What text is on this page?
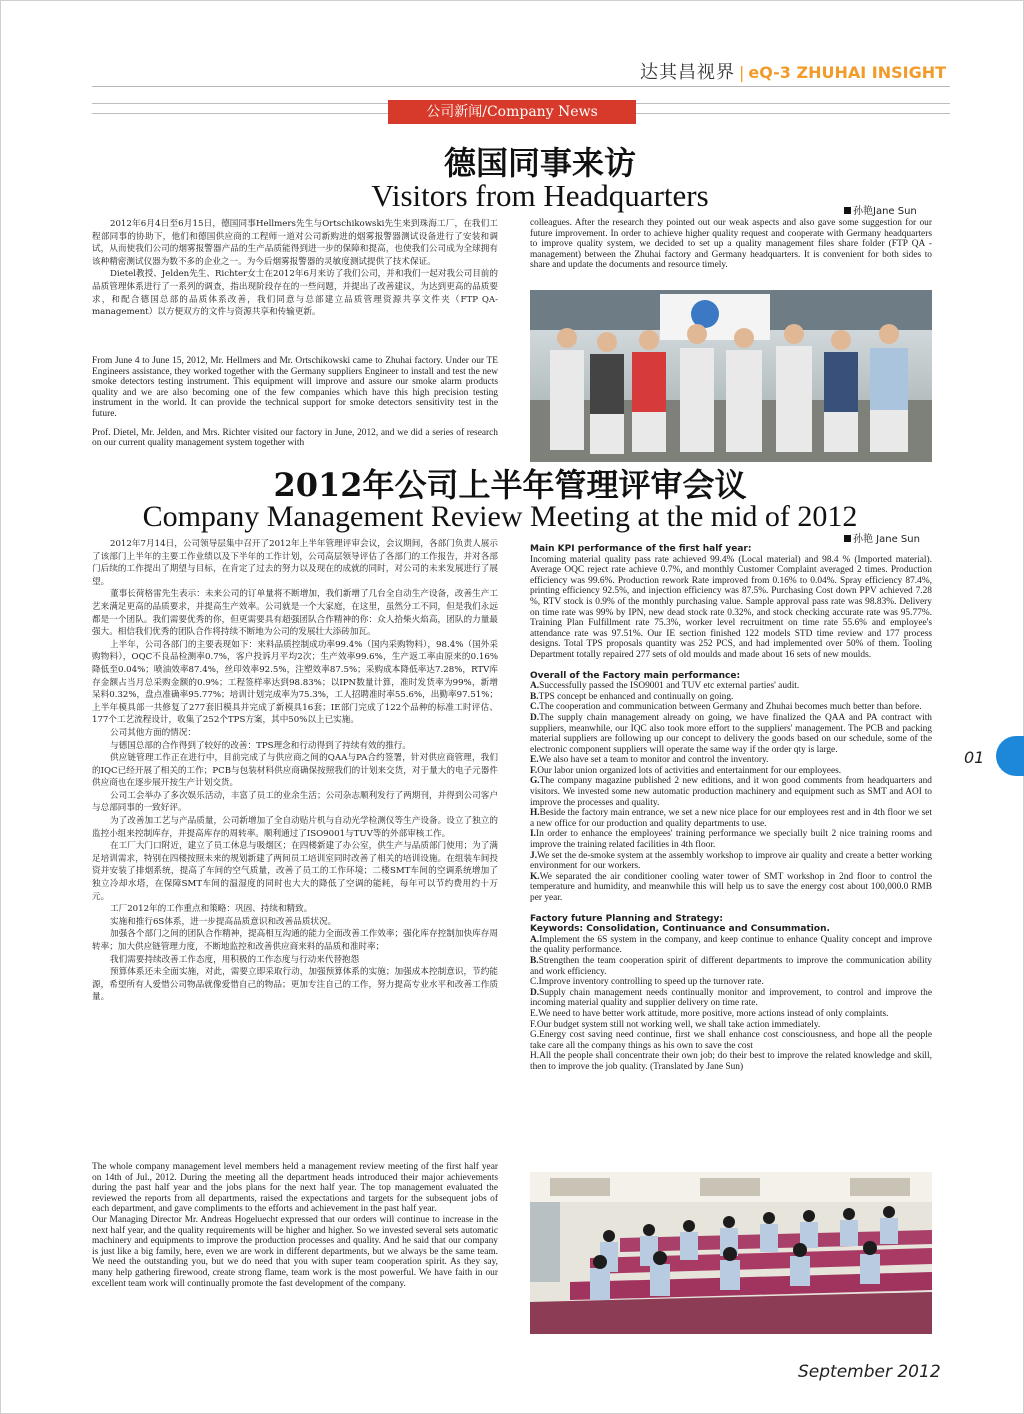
达其昌视界 | eQ-3 ZHUHAI INSIGHT
公司新闻/Company News
德国同事来访
Visitors from Headquarters	孙艳Jane Sun

2012年6月4日至6月15日，德国同事Hellmers先生与Ortschikowski先生来到珠海工厂，在我们工程部同事的协助下，他们和德国供应商的工程师一道对公司新购进的烟雾报警器测试设备进行了安装和调试，从而使我们公司的烟雾报警器产品的生产品质能得到进一步的保障和提高，也使我们公司成为全球拥有该种精密测试仪器为数不多的企业之一。为今后烟雾报警器的灵敏度测试提供了技术保证。

Dietel教授、Jelden先生、Richter女士在2012年6月来访了我们公司，并和我们一起对我公司目前的品质管理体系进行了一系列的调查，指出现阶段存在的一些问题，并提出了改善建议，为达到更高的品质要求，和配合德国总部的品质体系改善，我们同意与总部建立品质管理资源共享文件夹（FTP QA-management）以方便双方的文件与资源共享和传输更新。

From June 4 to June 15, 2012, Mr. Hellmers and Mr. Ortschikowski came to Zhuhai factory. Under our TE Engineers assistance, they worked together with the Germany suppliers Engineer to install and test the new smoke detectors testing instrument. This equipment will improve and assure our smoke alarm products quality and we are also becoming one of the few companies which have this high precision testing instrument in the world. It can provide the technical support for smoke detectors sensitivity test in the future.

Prof. Dietel, Mr. Jelden, and Mrs. Richter visited our factory in June, 2012, and we did a series of research on our current quality management system together with

colleagues. After the research they pointed out our weak aspects and also gave some suggestion for our future improvement. In order to achieve higher quality request and cooperate with Germany headquarters to improve quality system, we decided to set up a quality management files share folder (FTP QA - management) between the Zhuhai factory and Germany headquarters. It is convenient for both sides to share and update the documents and resource timely.

2012年公司上半年管理评审会议
Company Management Review Meeting at the mid of 2012
孙艳 Jane Sun

2012年7月14日，公司领导层集中召开了2012年上半年管理评审会议，会议期间，各部门负责人展示了该部门上半年的主要工作业绩以及下半年的工作计划，公司高层领导评估了各部门的工作报告，并对各部门后续的工作提出了期望与目标，在肯定了过去的努力以及现在的成就的同时，对公司的未来发展进行了展望。

董事长荷格雷先生表示：未来公司的订单量将不断增加，我们新增了几台全自动生产设备，改善生产工艺来满足更高的品质要求，并提高生产效率。公司就是一个大家庭，在这里，虽然分工不同，但是我们永远都是一个团队。我们需要优秀的你，但更需要具有超强团队合作精神的你：众人拾柴火焰高，团队的力量最强大。相信我们优秀的团队合作将持续不断地为公司的发展壮大添砖加瓦。

上半年，公司各部门的主要表现如下：来料品质控制成功率99.4%（国内采购物料），98.4%（国外采购物料），OQC不良品检测率0.7%，客户投诉月平均2次；生产效率99.6%，生产返工率由原来的0.16%降低至0.04%；喷油效率87.4%，丝印效率92.5%，注塑效率87.5%；采购成本降低率达7.28%，RTV库存金额占当月总采购金额的0.9%；工程签样率达到98.83%；以IPN数量计算，准时发货率为99%，新增呆料0.32%，盘点准确率95.77%；培训计划完成率为75.3%，工人招聘准时率55.6%，出勤率97.51%；上半年模具部一共修复了277套旧模具并完成了新模具16套；IE部门完成了122个品种的标准工时评估、177个工艺流程设计，收集了252个TPS方案，其中50%以上已实施。

公司其他方面的情况：

与德国总部的合作得到了较好的改善：TPS理念和行动得到了持续有效的推行。

供应链管理工作正在进行中，目前完成了与供应商之间的QAA与PA合约签署，针对供应商管理，我们的IQC已经开展了相关的工作；PCB与包装材料供应商确保按照我们的计划来交货，对于量大的电子元器件供应商也在逐步展开按生产计划交货。

公司工会举办了多次娱乐活动，丰富了员工的业余生活；公司杂志顺利发行了两期刊，并得到公司客户与总部同事的一致好评。

为了改善加工艺与产品质量，公司新增加了全自动贴片机与自动光学检测仪等生产设备。设立了独立的监控小组来控制库存，并提高库存的周转率。顺利通过了ISO9001与TUV等的外部审核工作。

在工厂大门口附近，建立了员工休息与吸烟区；在四楼新建了办公室，供生产与品质部门使用；为了满足培训需求，特别在四楼按照未来的规划新建了两间员工培训室同时改善了相关的培训设施。在组装车间投资并安装了排烟系统，提高了车间的空气质量，改善了员工的工作环境；二楼SMT车间的空调系统增加了独立冷却水塔，在保障SMT车间的温湿度的同时也大大的降低了空调的能耗，每年可以节约费用约十万元。

工厂2012年的工作重点和策略：巩固、持续和精致。

实施和推行6S体系，进一步提高品质意识和改善品质状况。

加强各个部门之间的团队合作精神，提高相互沟通的能力全面改善工作效率；强化库存控制加快库存周转率；加大供应链管理力度，不断地监控和改善供应商来料的品质和准时率；

我们需要持续改善工作态度，用积极的工作态度与行动来代替抱怨

预算体系还未全面实施，对此，需要立即采取行动，加强预算体系的实施；加强成本控制意识，节约能源，希望所有人爱惜公司物品就像爱惜自己的物品；更加专注自己的工作，努力提高专业水平和改善工作质量。

The whole company management level members held a management review meeting of the first half year on 14th of Jul., 2012. During the meeting all the department heads introduced their major achievements during the past half year and the jobs plans for the next half year. The top management evaluated the reviewed the reports from all departments, raised the expectations and targets for the subsequent jobs of each department, and gave compliments to the efforts and achievement in the past half year.

Our Managing Director Mr. Andreas Hogeluecht expressed that our orders will continue to increase in the next half year, and the quality requirements will be higher and higher. So we invested several sets automatic machinery and equipments to improve the production processes and quality. And he said that our company is just like a big family, here, even we are work in different departments, but we always be the same team. We need the outstanding you, but we do need that you with super team cooperation spirit. As they say, many help gathering firewood, create strong flame, team work is the most powerful. We have faith in our excellent team work will continually promote the fast development of the company.

Main KPI performance of the first half year:

Incoming material quality pass rate achieved 99.4% (Local material) and 98.4 % (Imported material). Average OQC reject rate achieve 0.7%, and monthly Customer Complaint averaged 2 times. Production efficiency was 99.6%. Production rework Rate improved from 0.16% to 0.04%. Spray efficiency 87.4%, printing efficiency 92.5%, and injection efficiency was 87.5%. Purchasing Cost down PPV achieved 7.28 %, RTV stock is 0.9% of the monthly purchasing value. Sample approval pass rate was 98.83%. Delivery on time rate was 99% by IPN, new dead stock rate 0.32%, and stock checking accurate rate was 95.77%. Training Plan Fulfillment rate 75.3%, worker level recruitment on time rate 55.6% and employee's attendance rate was 97.51%. Our IE section finished 122 models STD time review and 177 process designs. Total TPS proposals quantity was 252 PCS, and had implemented over 50% of them. Tooling Department totally repaired 277 sets of old moulds and made about 16 sets of new moulds.

Overall of the Factory main performance:

A.Successfully passed the ISO9001 and TUV etc external parties' audit.

B.TPS concept be enhanced and continually on going.

C.The cooperation and communication between Germany and Zhuhai becomes much better than before.

D.The supply chain management already on going, we have finalized the QAA and PA contract with suppliers, meanwhile, our IQC also took more effort to the suppliers' management. The PCB and packing material suppliers are following up our concept to delivery the goods based on our schedule, some of the electronic component suppliers will operate the same way if the order qty is large.

E.We also have set a team to monitor and control the inventory.

F.Our labor union organized lots of activities and entertainment for our employees.

G.The company magazine published 2 new editions, and it won good comments from headquarters and visitors. We invested some new automatic production machinery and equipment such as SMT and AOI to improve the processes and quality.

H.Beside the factory main entrance, we set a new nice place for our employees rest and in 4th floor we set a new office for our production and quality departments to use.

I.In order to enhance the employees' training performance we specially built 2 nice training rooms and improve the training related facilities in 4th floor.

J.We set the de-smoke system at the assembly workshop to improve air quality and create a better working environment for our workers.

K.We separated the air conditioner cooling water tower of SMT workshop in 2nd floor to control the temperature and humidity, and meanwhile this will help us to save the energy cost about 100,000.0 RMB per year.

Factory future Planning and Strategy:

Keywords: Consolidation, Continuance and Consummation.

A.Implement the 6S system in the company, and keep continue to enhance Quality concept and improve the quality performance.

B.Strengthen the team cooperation spirit of different departments to improve the communication ability and work efficiency.

C.Improve inventory controlling to speed up the turnover rate.

D.Supply chain management needs continually monitor and improvement, to control and improve the incoming material quality and supplier delivery on time rate.

E.We need to have better work attitude, more positive, more actions instead of only complaints.

F.Our budget system still not working well, we shall take action immediately.

G.Energy cost saving need continue, first we shall enhance cost consciousness, and hope all the people take care all the company things as his own to save the cost

H.All the people shall concentrate their own job; do their best to improve the related knowledge and skill, then to improve the job quality. (Translated by Jane Sun)

01
September 2012
